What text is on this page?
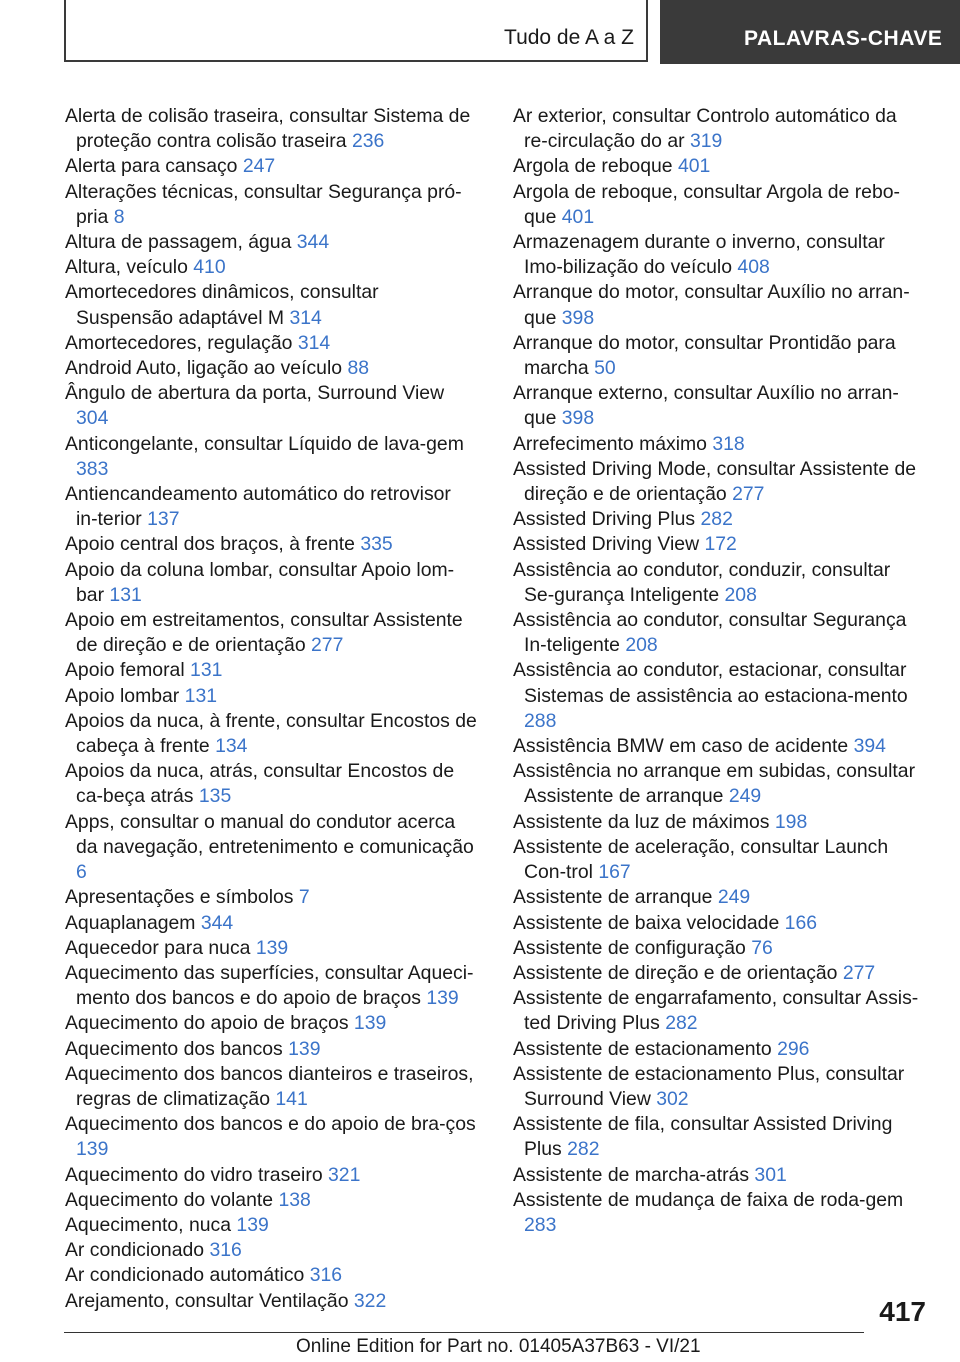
Tudo de A a Z	PALAVRAS-CHAVE
Alerta de colisão traseira, consultar Sistema de proteção contra colisão traseira 236
Alerta para cansaço 247
Alterações técnicas, consultar Segurança pró-pria 8
Altura de passagem, água 344
Altura, veículo 410
Amortecedores dinâmicos, consultar Suspensão adaptável M 314
Amortecedores, regulação 314
Android Auto, ligação ao veículo 88
Ângulo de abertura da porta, Surround View 304
Anticongelante, consultar Líquido de lava-gem 383
Antiencandeamento automático do retrovisor in-terior 137
Apoio central dos braços, à frente 335
Apoio da coluna lombar, consultar Apoio lom-bar 131
Apoio em estreitamentos, consultar Assistente de direção e de orientação 277
Apoio femoral 131
Apoio lombar 131
Apoios da nuca, à frente, consultar Encostos de cabeça à frente 134
Apoios da nuca, atrás, consultar Encostos de ca-beça atrás 135
Apps, consultar o manual do condutor acerca da navegação, entretenimento e comunicação 6
Apresentações e símbolos 7
Aquaplanagem 344
Aquecedor para nuca 139
Aquecimento das superfícies, consultar Aqueci-mento dos bancos e do apoio de braços 139
Aquecimento do apoio de braços 139
Aquecimento dos bancos 139
Aquecimento dos bancos dianteiros e traseiros, regras de climatização 141
Aquecimento dos bancos e do apoio de bra-ços 139
Aquecimento do vidro traseiro 321
Aquecimento do volante 138
Aquecimento, nuca 139
Ar condicionado 316
Ar condicionado automático 316
Arejamento, consultar Ventilação 322
Ar exterior, consultar Controlo automático da re-circulação do ar 319
Argola de reboque 401
Argola de reboque, consultar Argola de rebo-que 401
Armazenagem durante o inverno, consultar Imo-bilização do veículo 408
Arranque do motor, consultar Auxílio no arran-que 398
Arranque do motor, consultar Prontidão para marcha 50
Arranque externo, consultar Auxílio no arran-que 398
Arrefecimento máximo 318
Assisted Driving Mode, consultar Assistente de direção e de orientação 277
Assisted Driving Plus 282
Assisted Driving View 172
Assistência ao condutor, conduzir, consultar Se-gurança Inteligente 208
Assistência ao condutor, consultar Segurança In-teligente 208
Assistência ao condutor, estacionar, consultar Sistemas de assistência ao estaciona-mento 288
Assistência BMW em caso de acidente 394
Assistência no arranque em subidas, consultar Assistente de arranque 249
Assistente da luz de máximos 198
Assistente de aceleração, consultar Launch Con-trol 167
Assistente de arranque 249
Assistente de baixa velocidade 166
Assistente de configuração 76
Assistente de direção e de orientação 277
Assistente de engarrafamento, consultar Assis-ted Driving Plus 282
Assistente de estacionamento 296
Assistente de estacionamento Plus, consultar Surround View 302
Assistente de fila, consultar Assisted Driving Plus 282
Assistente de marcha-atrás 301
Assistente de mudança de faixa de roda-gem 283
417
Online Edition for Part no. 01405A37B63 - VI/21
